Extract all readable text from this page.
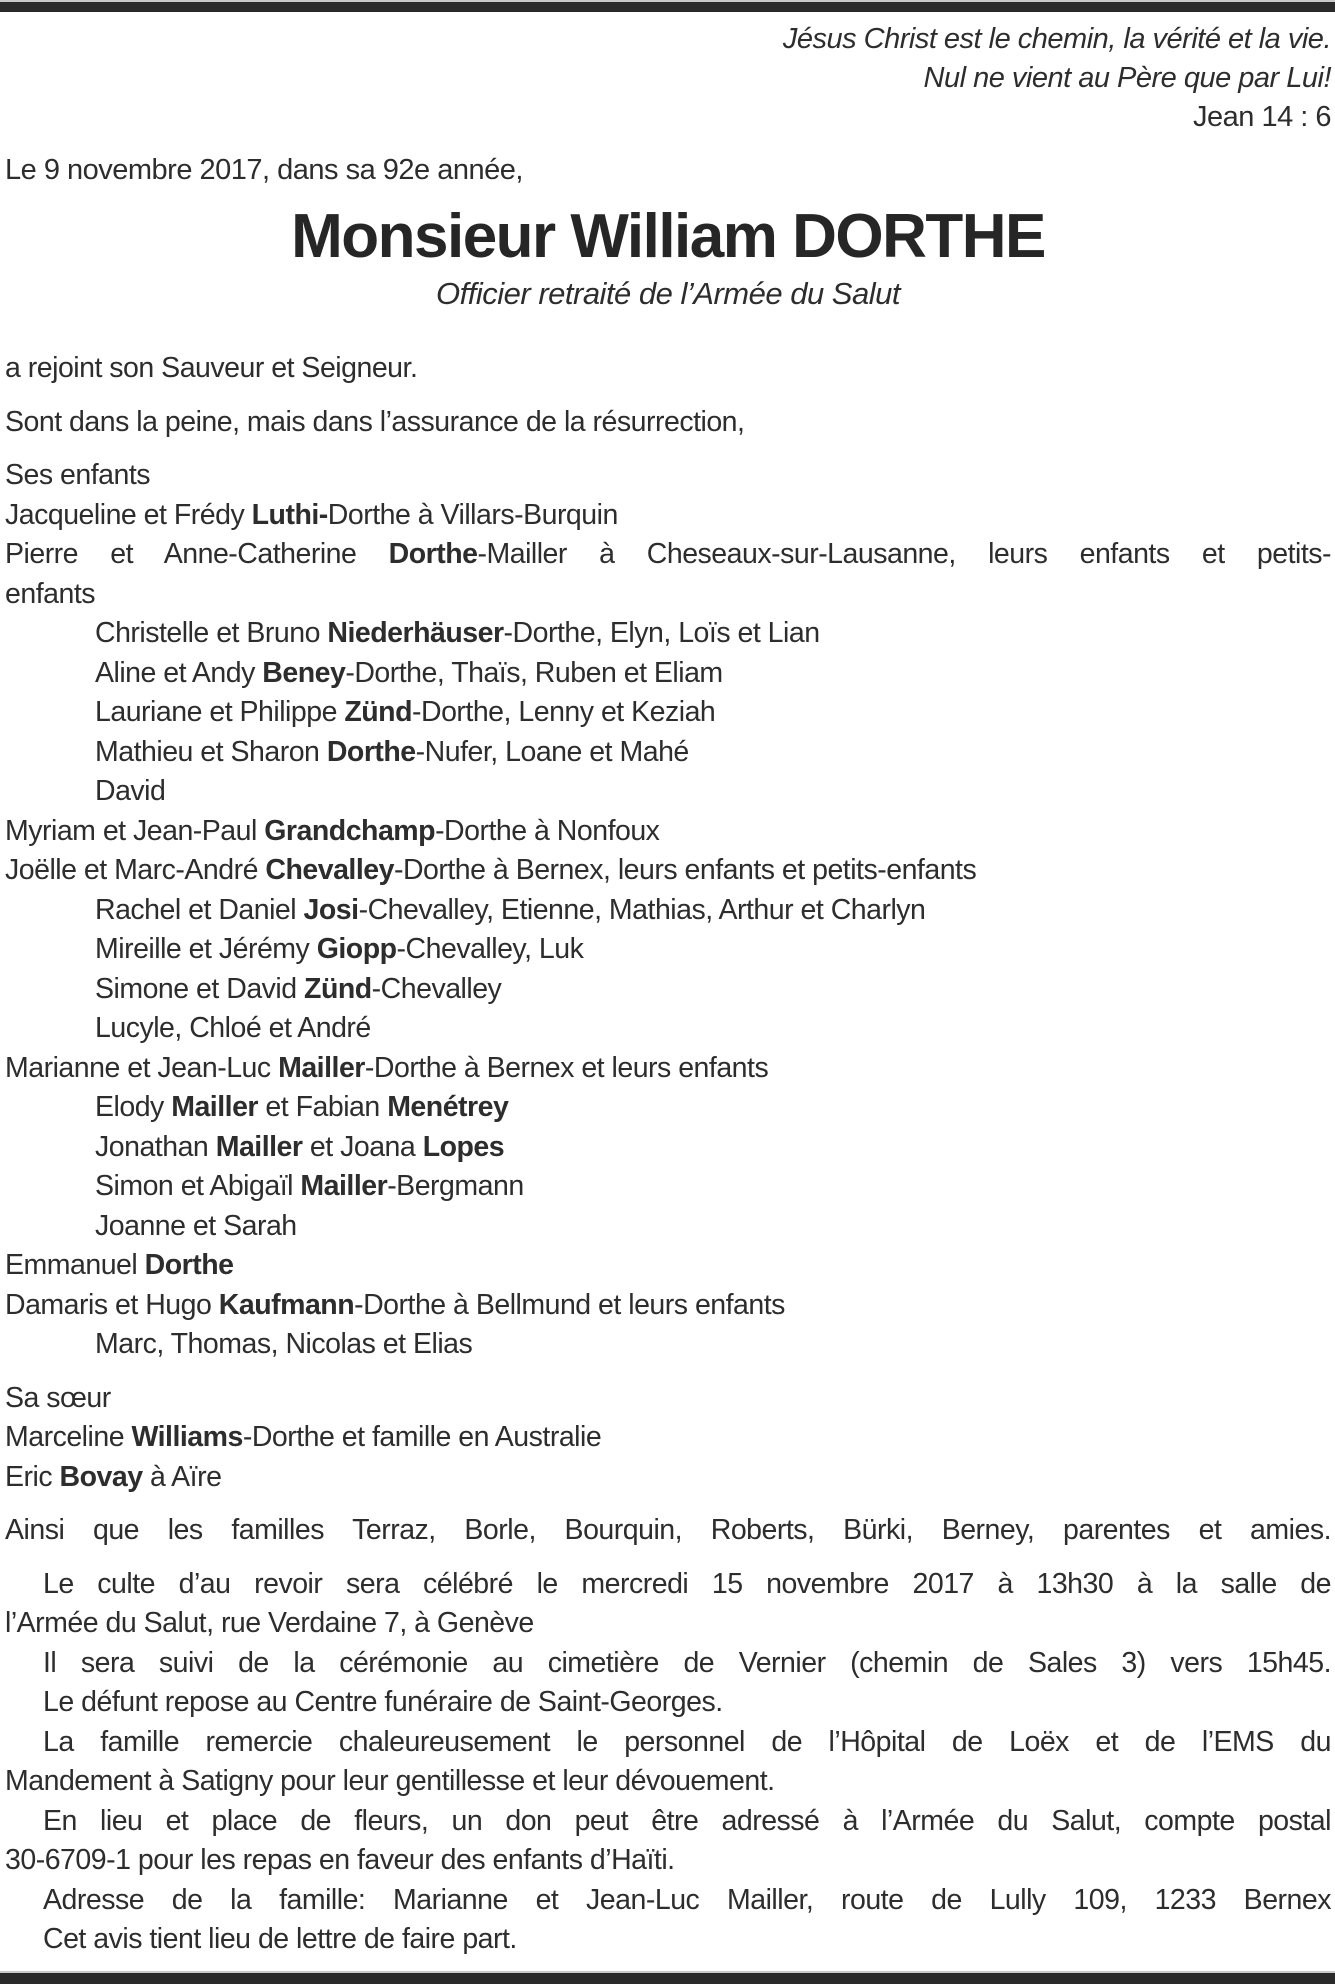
Jésus Christ est le chemin, la vérité et la vie.
Nul ne vient au Père que par Lui!
Jean 14 : 6
Le 9 novembre 2017, dans sa 92e année,
Monsieur William DORTHE
Officier retraité de l’Armée du Salut
a rejoint son Sauveur et Seigneur.
Sont dans la peine, mais dans l’assurance de la résurrection,
Ses enfants
Jacqueline et Frédy Luthi-Dorthe à Villars-Burquin
Pierre et Anne-Catherine Dorthe-Mailler à Cheseaux-sur-Lausanne, leurs enfants et petits-
enfants
Christelle et Bruno Niederhäuser-Dorthe, Elyn, Loïs et Lian
Aline et Andy Beney-Dorthe, Thaïs, Ruben et Eliam
Lauriane et Philippe Zünd-Dorthe, Lenny et Keziah
Mathieu et Sharon Dorthe-Nufer, Loane et Mahé
David
Myriam et Jean-Paul Grandchamp-Dorthe à Nonfoux
Joëlle et Marc-André Chevalley-Dorthe à Bernex, leurs enfants et petits-enfants
Rachel et Daniel Josi-Chevalley, Etienne, Mathias, Arthur et Charlyn
Mireille et Jérémy Giopp-Chevalley, Luk
Simone et David Zünd-Chevalley
Lucyle, Chloé et André
Marianne et Jean-Luc Mailler-Dorthe à Bernex et leurs enfants
Elody Mailler et Fabian Menétrey
Jonathan Mailler et Joana Lopes
Simon et Abigaïl Mailler-Bergmann
Joanne et Sarah
Emmanuel Dorthe
Damaris et Hugo Kaufmann-Dorthe à Bellmund et leurs enfants
Marc, Thomas, Nicolas et Elias
Sa sœur
Marceline Williams-Dorthe et famille en Australie
Eric Bovay à Aïre
Ainsi que les familles Terraz, Borle, Bourquin, Roberts, Bürki, Berney, parentes et amies.
Le culte d’au revoir sera célébré le mercredi 15 novembre 2017 à 13h30 à la salle de
l’Armée du Salut, rue Verdaine 7, à Genève
Il sera suivi de la cérémonie au cimetière de Vernier (chemin de Sales 3) vers 15h45.
Le défunt repose au Centre funéraire de Saint-Georges.
La famille remercie chaleureusement le personnel de l’Hôpital de Loëx et de l’EMS du
Mandement à Satigny pour leur gentillesse et leur dévouement.
En lieu et place de fleurs, un don peut être adressé à l’Armée du Salut, compte postal
30-6709-1 pour les repas en faveur des enfants d’Haïti.
Adresse de la famille: Marianne et Jean-Luc Mailler, route de Lully 109, 1233 Bernex
Cet avis tient lieu de lettre de faire part.
